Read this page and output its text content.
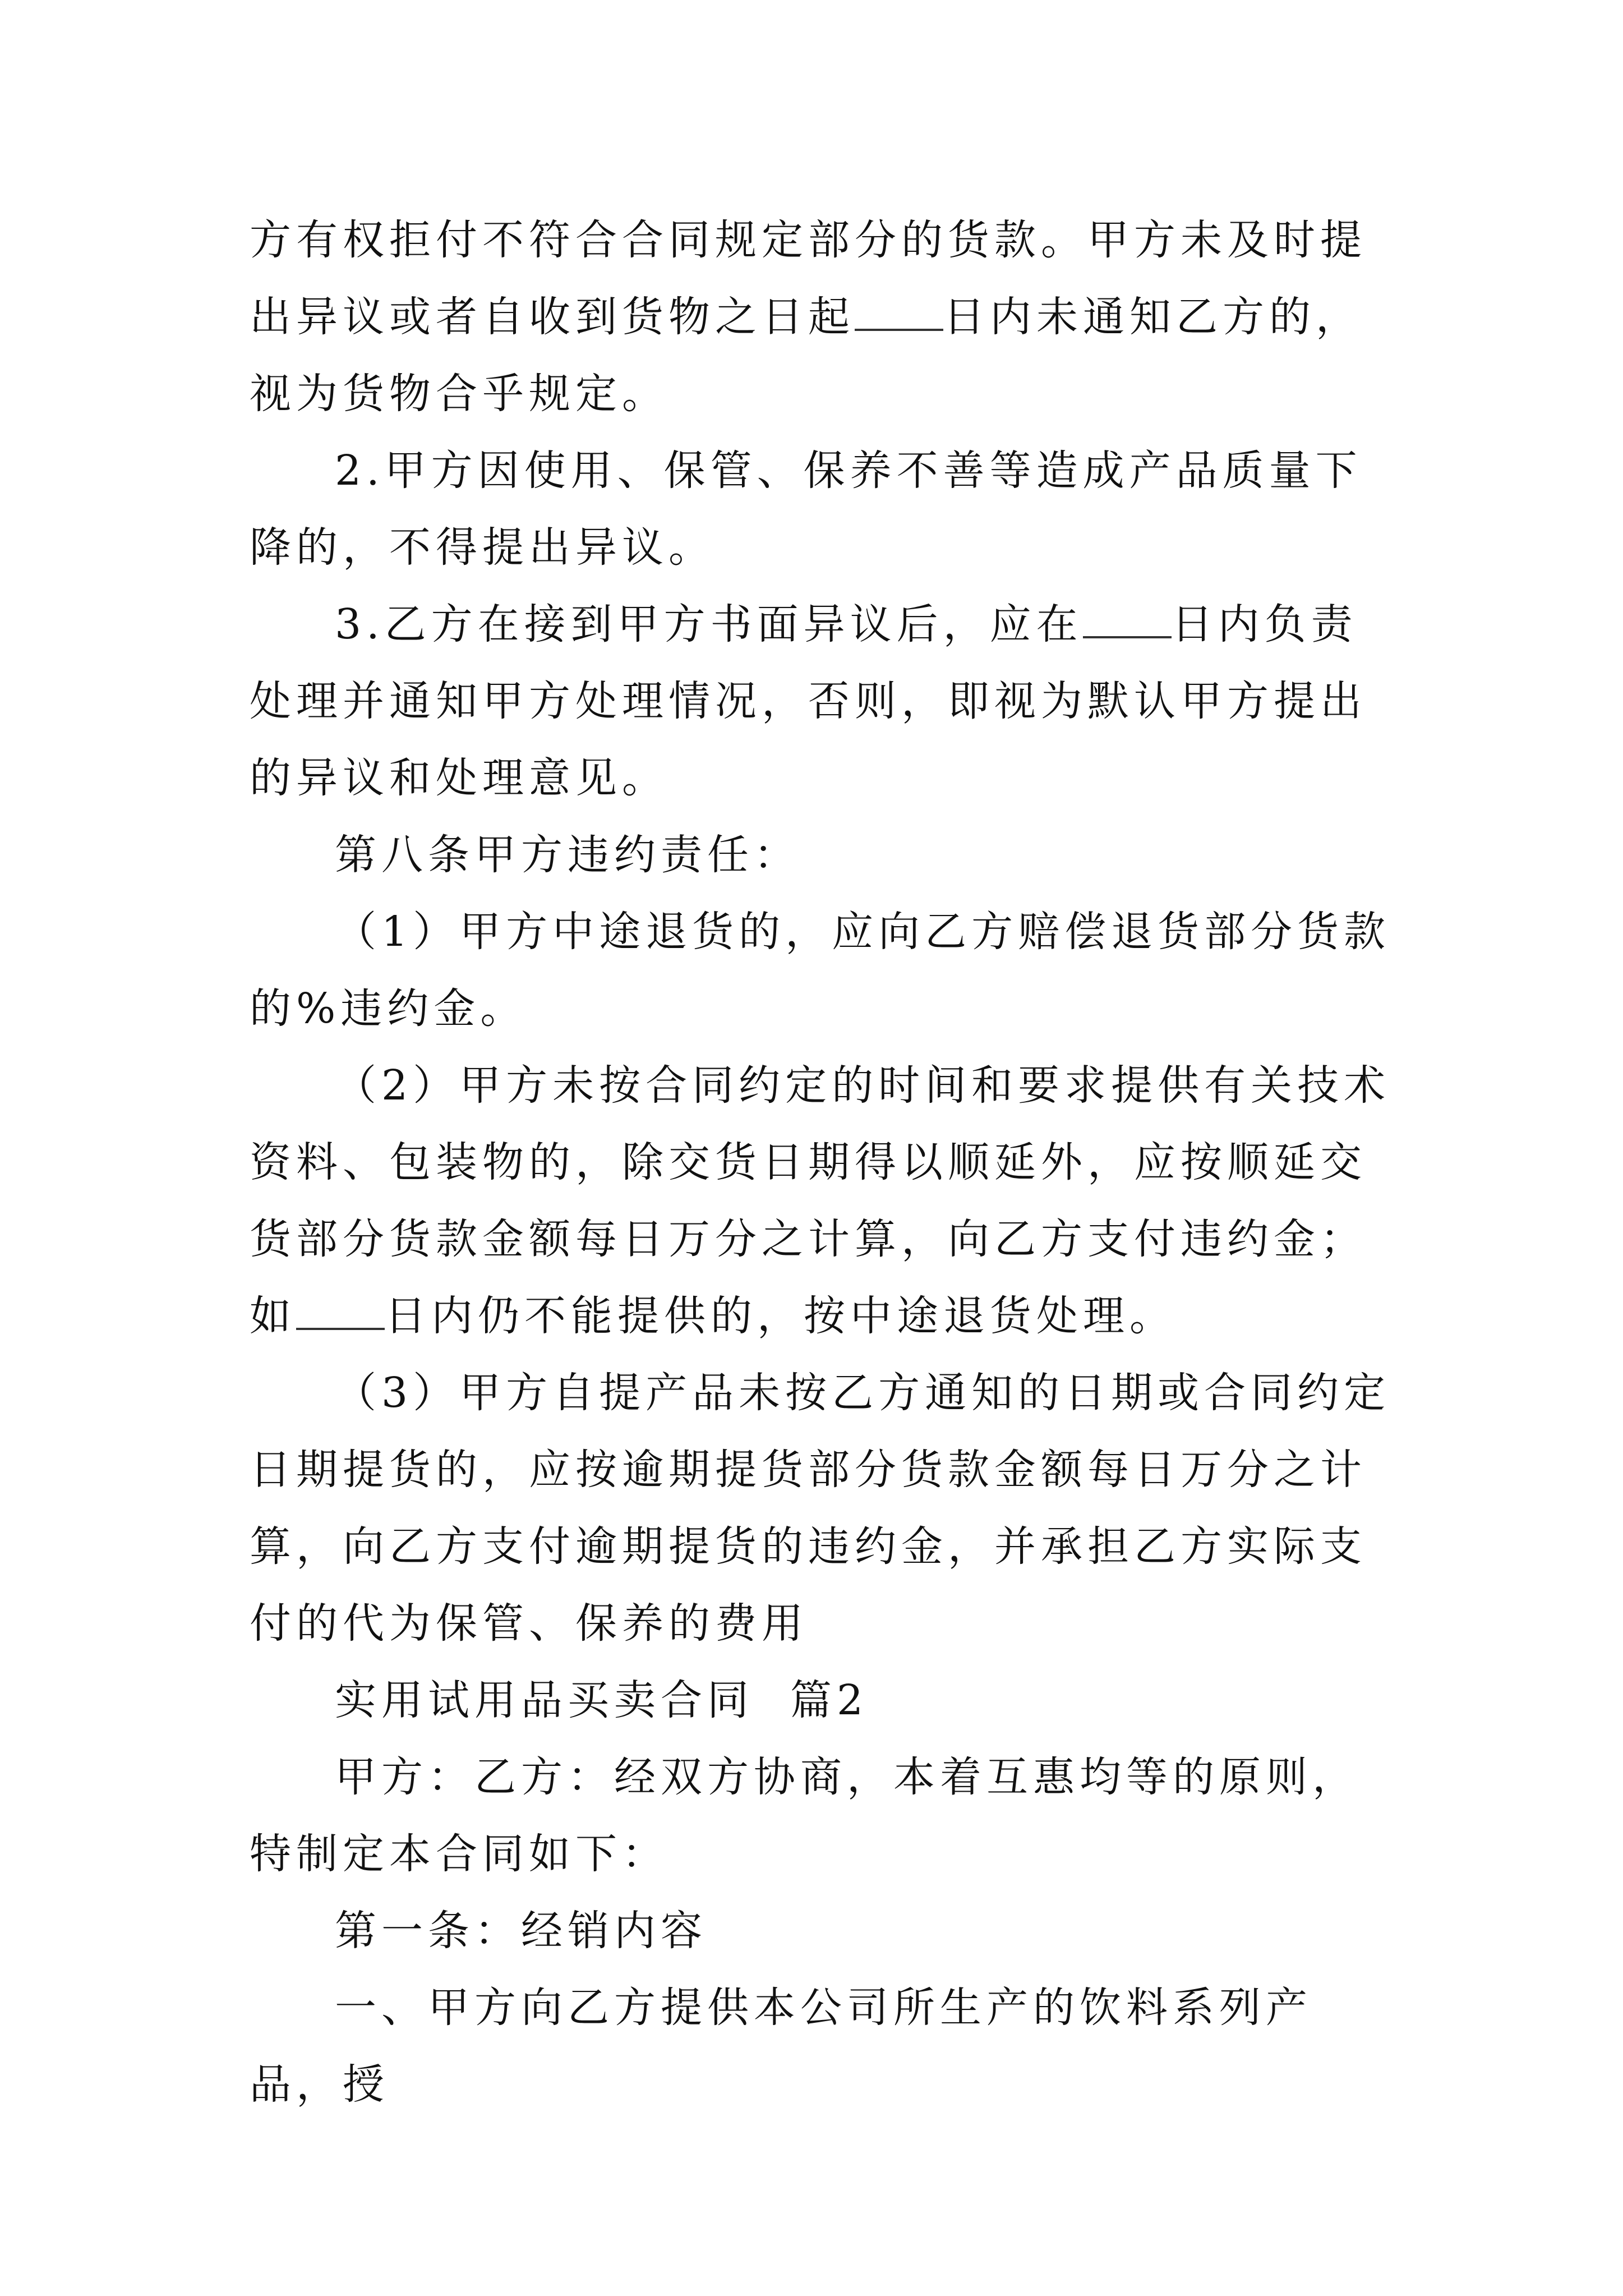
方有权拒付不符合合同规定部分的货款。甲方未及时提出异议或者自收到货物之日起 日内未通知乙方的，视为货物合乎规定。

2.甲方因使用、保管、保养不善等造成产品质量下降的，不得提出异议。

3.乙方在接到甲方书面异议后，应在 日内负责处理并通知甲方处理情况，否则，即视为默认甲方提出的异议和处理意见。

第八条甲方违约责任：

（1）甲方中途退货的，应向乙方赔偿退货部分货款的%违约金。

（2）甲方未按合同约定的时间和要求提供有关技术资料、包装物的，除交货日期得以顺延外，应按顺延交货部分货款金额每日万分之计算，向乙方支付违约金；如 日内仍不能提供的，按中途退货处理。

（3）甲方自提产品未按乙方通知的日期或合同约定日期提货的，应按逾期提货部分货款金额每日万分之计算，向乙方支付逾期提货的违约金，并承担乙方实际支付的代为保管、保养的费用

实用试用品买卖合同  篇2

甲方：乙方：经双方协商，本着互惠均等的原则，特制定本合同如下：

第一条：经销内容

一、甲方向乙方提供本公司所生产的饮料系列产品，授
